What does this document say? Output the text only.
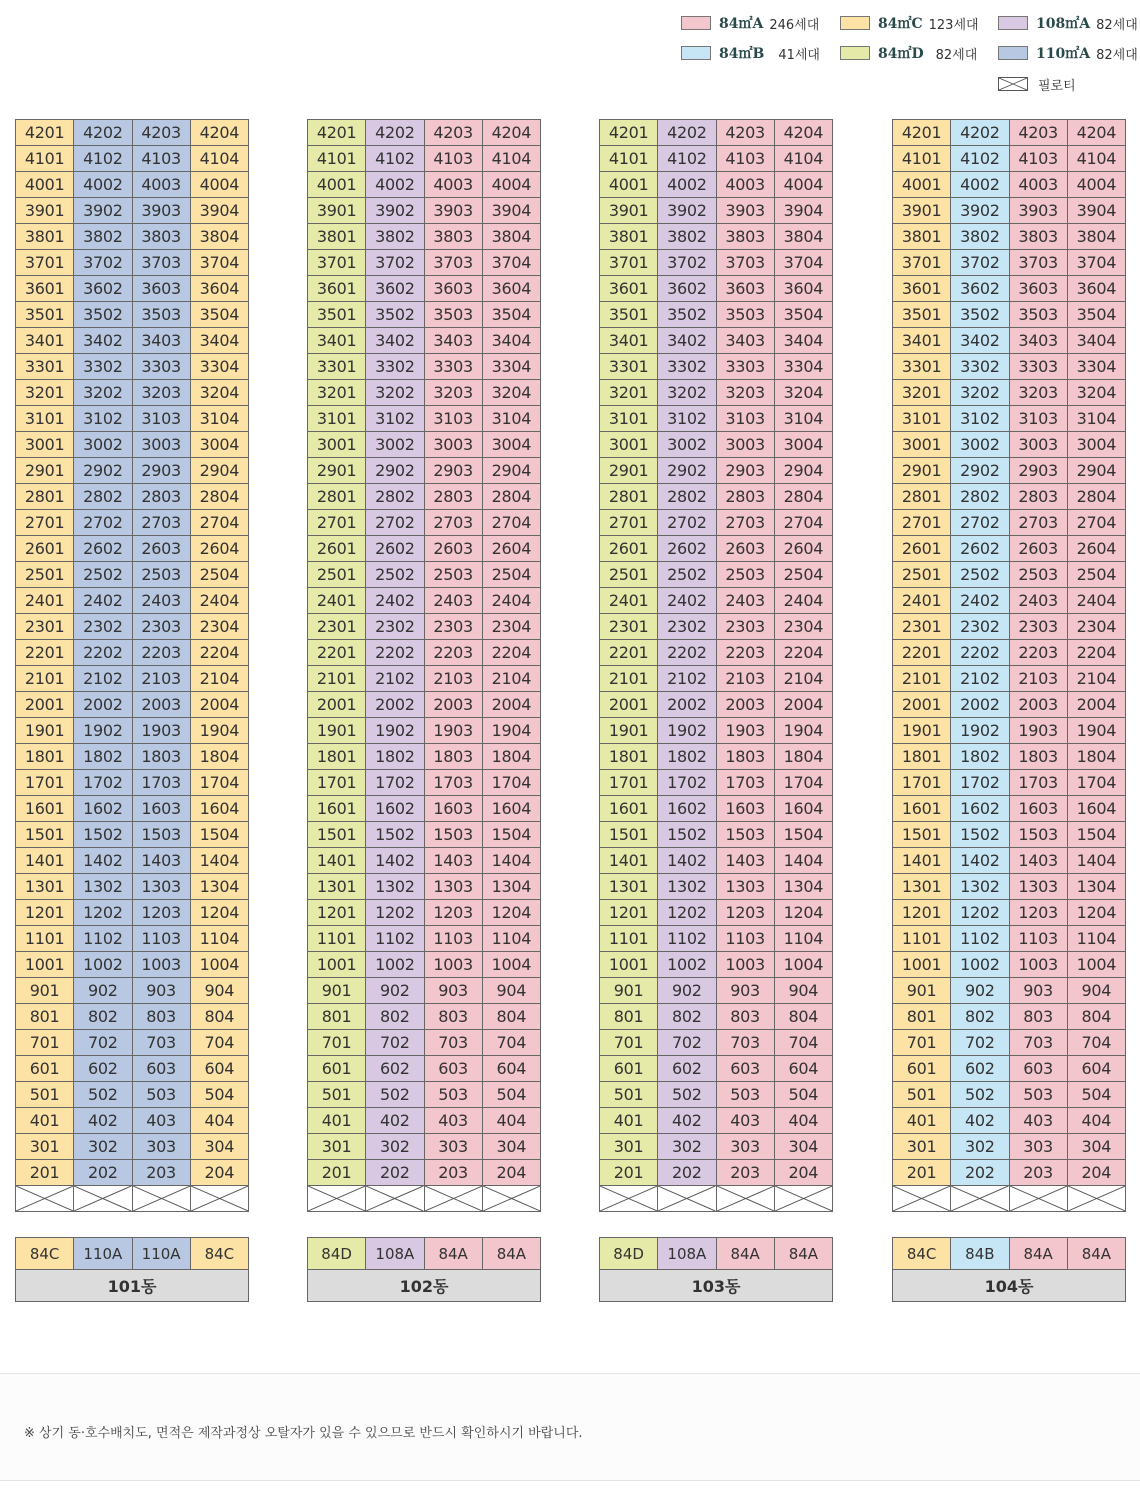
84㎡A 246세대
84㎡B 41세대
84㎡C 123세대
84㎡D 82세대
108㎡A 82세대
110㎡A 82세대
필로티
4201	4202	4203	4204
4101	4102	4103	4104
4001	4002	4003	4004
3901	3902	3903	3904
3801	3802	3803	3804
3701	3702	3703	3704
3601	3602	3603	3604
3501	3502	3503	3504
3401	3402	3403	3404
3301	3302	3303	3304
3201	3202	3203	3204
3101	3102	3103	3104
3001	3002	3003	3004
2901	2902	2903	2904
2801	2802	2803	2804
2701	2702	2703	2704
2601	2602	2603	2604
2501	2502	2503	2504
2401	2402	2403	2404
2301	2302	2303	2304
2201	2202	2203	2204
2101	2102	2103	2104
2001	2002	2003	2004
1901	1902	1903	1904
1801	1802	1803	1804
1701	1702	1703	1704
1601	1602	1603	1604
1501	1502	1503	1504
1401	1402	1403	1404
1301	1302	1303	1304
1201	1202	1203	1204
1101	1102	1103	1104
1001	1002	1003	1004
901	902	903	904
801	802	803	804
701	702	703	704
601	602	603	604
501	502	503	504
401	402	403	404
301	302	303	304
201	202	203	204
84C	110A	110A	84C
101동
4201	4202	4203	4204
4101	4102	4103	4104
4001	4002	4003	4004
3901	3902	3903	3904
3801	3802	3803	3804
3701	3702	3703	3704
3601	3602	3603	3604
3501	3502	3503	3504
3401	3402	3403	3404
3301	3302	3303	3304
3201	3202	3203	3204
3101	3102	3103	3104
3001	3002	3003	3004
2901	2902	2903	2904
2801	2802	2803	2804
2701	2702	2703	2704
2601	2602	2603	2604
2501	2502	2503	2504
2401	2402	2403	2404
2301	2302	2303	2304
2201	2202	2203	2204
2101	2102	2103	2104
2001	2002	2003	2004
1901	1902	1903	1904
1801	1802	1803	1804
1701	1702	1703	1704
1601	1602	1603	1604
1501	1502	1503	1504
1401	1402	1403	1404
1301	1302	1303	1304
1201	1202	1203	1204
1101	1102	1103	1104
1001	1002	1003	1004
901	902	903	904
801	802	803	804
701	702	703	704
601	602	603	604
501	502	503	504
401	402	403	404
301	302	303	304
201	202	203	204
84D	108A	84A	84A
102동
4201	4202	4203	4204
4101	4102	4103	4104
4001	4002	4003	4004
3901	3902	3903	3904
3801	3802	3803	3804
3701	3702	3703	3704
3601	3602	3603	3604
3501	3502	3503	3504
3401	3402	3403	3404
3301	3302	3303	3304
3201	3202	3203	3204
3101	3102	3103	3104
3001	3002	3003	3004
2901	2902	2903	2904
2801	2802	2803	2804
2701	2702	2703	2704
2601	2602	2603	2604
2501	2502	2503	2504
2401	2402	2403	2404
2301	2302	2303	2304
2201	2202	2203	2204
2101	2102	2103	2104
2001	2002	2003	2004
1901	1902	1903	1904
1801	1802	1803	1804
1701	1702	1703	1704
1601	1602	1603	1604
1501	1502	1503	1504
1401	1402	1403	1404
1301	1302	1303	1304
1201	1202	1203	1204
1101	1102	1103	1104
1001	1002	1003	1004
901	902	903	904
801	802	803	804
701	702	703	704
601	602	603	604
501	502	503	504
401	402	403	404
301	302	303	304
201	202	203	204
84D	108A	84A	84A
103동
4201	4202	4203	4204
4101	4102	4103	4104
4001	4002	4003	4004
3901	3902	3903	3904
3801	3802	3803	3804
3701	3702	3703	3704
3601	3602	3603	3604
3501	3502	3503	3504
3401	3402	3403	3404
3301	3302	3303	3304
3201	3202	3203	3204
3101	3102	3103	3104
3001	3002	3003	3004
2901	2902	2903	2904
2801	2802	2803	2804
2701	2702	2703	2704
2601	2602	2603	2604
2501	2502	2503	2504
2401	2402	2403	2404
2301	2302	2303	2304
2201	2202	2203	2204
2101	2102	2103	2104
2001	2002	2003	2004
1901	1902	1903	1904
1801	1802	1803	1804
1701	1702	1703	1704
1601	1602	1603	1604
1501	1502	1503	1504
1401	1402	1403	1404
1301	1302	1303	1304
1201	1202	1203	1204
1101	1102	1103	1104
1001	1002	1003	1004
901	902	903	904
801	802	803	804
701	702	703	704
601	602	603	604
501	502	503	504
401	402	403	404
301	302	303	304
201	202	203	204
84C	84B	84A	84A
104동
※ 상기 동·호수배치도, 면적은 제작과정상 오탈자가 있을 수 있으므로 반드시 확인하시기 바랍니다.
